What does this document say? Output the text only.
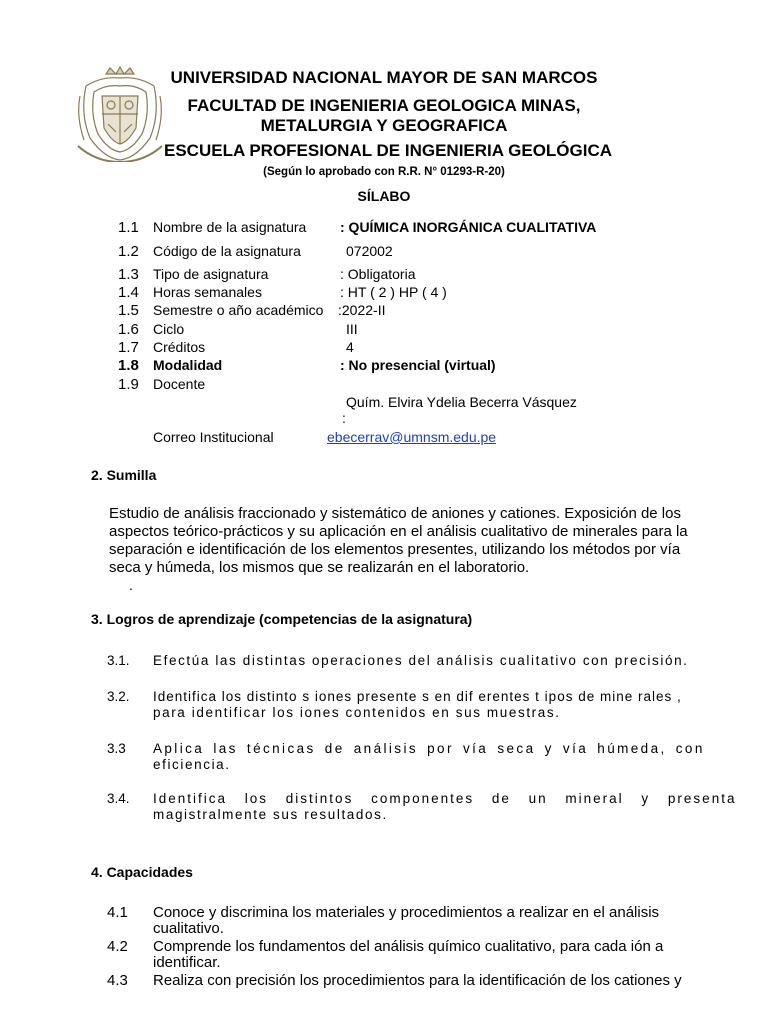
UNIVERSIDAD NACIONAL MAYOR DE SAN MARCOS
FACULTAD DE INGENIERIA GEOLOGICA MINAS,
METALURGIA Y GEOGRAFICA
ESCUELA PROFESIONAL DE INGENIERIA GEOLÓGICA
(Según lo aprobado con R.R. N° 01293-R-20)
SÍLABO
1.1 Nombre de la asignatura : QUÍMICA INORGÁNICA CUALITATIVA
1.2 Código de la asignatura	072002
1.3 Tipo de asignatura	: Obligatoria
1.4 Horas semanales	: HT ( 2 ) HP ( 4 )
1.5 Semestre o año académico :2022-II
1.6 Ciclo	III
1.7 Créditos	4
1.8 Modalidad	: No presencial (virtual)
1.9 Docente
Quím. Elvira Ydelia Becerra Vásquez
:
Correo Institucional	ebecerrav@umnsm.edu.pe
2. Sumilla
Estudio de análisis fraccionado y sistemático de aniones y cationes. Exposición de los
aspectos teórico-prácticos y su aplicación en el análisis cualitativo de minerales para la
separación e identificación de los elementos presentes, utilizando los métodos por vía
seca y húmeda, los mismos que se realizarán en el laboratorio.
.
3. Logros de aprendizaje (competencias de la asignatura)
3.1. Efectúa las distintas operaciones del análisis cualitativo con precisión.
3.2. Identifica los distinto s iones presente s en dif erentes t ipos de mine rales ,
para identificar los iones contenidos en sus muestras.
3.3 Aplica las técnicas de análisis por vía seca y vía húmeda, con
eficiencia.
3.4. Identifica los distintos componentes de un mineral y presenta
magistralmente sus resultados.
4. Capacidades
4.1 Conoce y discrimina los materiales y procedimientos a realizar en el análisis
cualitativo.
4.2 Comprende los fundamentos del análisis químico cualitativo, para cada ión a
identificar.
4.3 Realiza con precisión los procedimientos para la identificación de los cationes y
